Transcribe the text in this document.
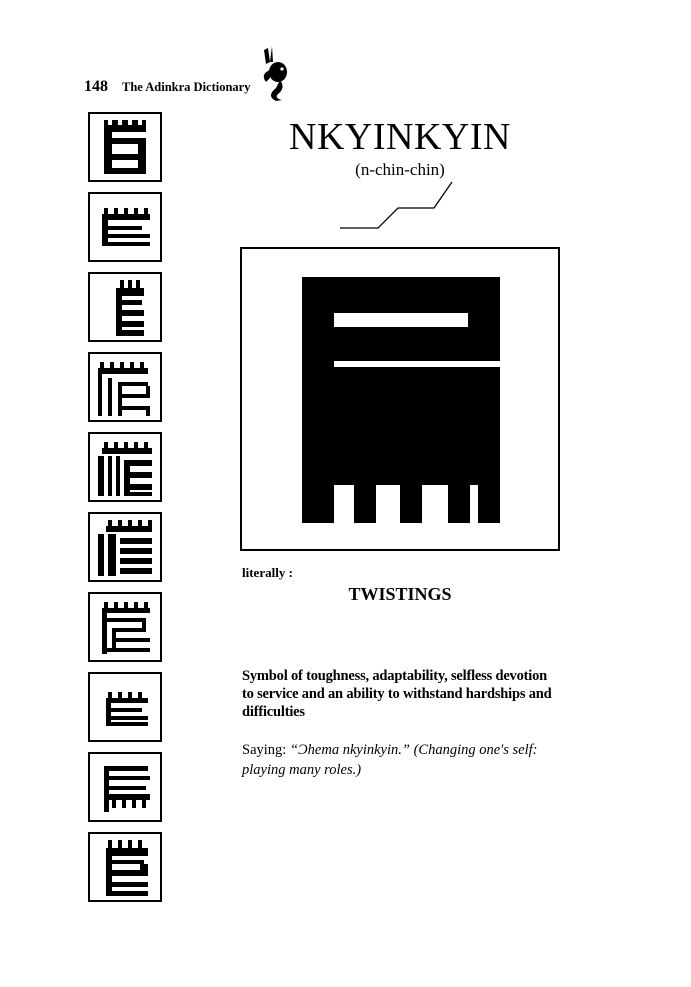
148 The Adinkra Dictionary
NKYINKYIN
(n-chin-chin)
literally :
TWISTINGS
Symbol of toughness, adaptability, selfless devotion to service and an ability to withstand hardships and difficulties
Saying: “Ɔhema nkyinkyin.” (Changing one's self: playing many roles.)
